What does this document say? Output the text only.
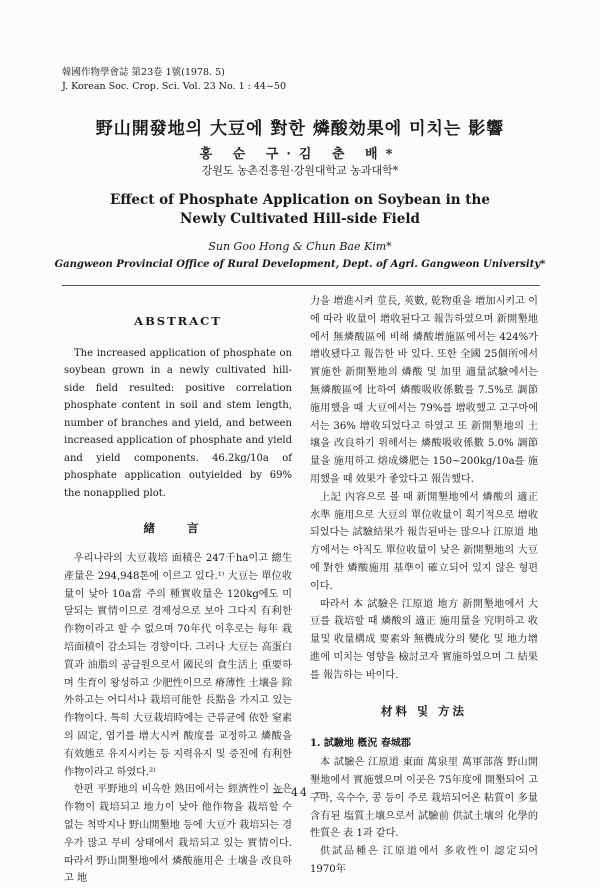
韓國作物學會誌 第23卷 1號(1978. 5)
J. Korean Soc. Crop. Sci. Vol. 23 No. 1 : 44~50
野山開發地의 大豆에 對한 燐酸効果에 미치는 影響
홍 순 구·김 춘 배*
강원도 농촌진흥원·강원대학교 농과대학*
Effect of Phosphate Application on Soybean in the Newly Cultivated Hill-side Field
Sun Goo Hong & Chun Bae Kim*
Gangweon Provincial Office of Rural Development, Dept. of Agri. Gangweon University*
ABSTRACT

The increased application of phosphate on soybean grown in a newly cultivated hill-side field resulted: positive correlation phosphate content in soil and stem length, number of branches and yield, and between increased application of phosphate and yield and yield components. 46.2kg/10a of phosphate application outyielded by 69% the nonapplied plot.

緖 言

우리나라의 大豆栽培 面積은 247千ha이고 總生產量은 294,948톤에 이르고 있다.¹⁾ 大豆는 單位收量이 낮아 10a當 주의 種實收量은 120kg에도 미달되는 實情이므로 경제성으로 보아 그다지 有利한 作物이라고 할 수 없으며 70年代 이후로는 每年 栽培面積이 감소되는 경향이다. 그러나 大豆는 高蛋白質과 油脂의 공급원으로서 國民의 食生活上 重要하며 生育이 왕성하고 少肥性이므로 瘠薄性 土壤을 除外하고는 어디서나 栽培可能한 長點을 가지고 있는 作物이다. 특히 大豆栽培時에는 근류균에 依한 窒素의 固定, 엽기를 增大시켜 酸度를 교정하고 燐酸을 有效態로 유지시키는 등 지력유지 및 증진에 有利한 作物이라고 하였다.²⁾

한편 平野地의 비옥한 熟田에서는 經濟性이 높은 作物이 栽培되고 地力이 낮아 他作物을 栽培할 수 없는 척박지나 野山開墾地 등에 大豆가 栽培되는 경우가 많고 무비 상태에서 栽培되고 있는 實情이다. 따라서 野山開墾地에서 燐酸施用은 土壤을 改良하고 地

力을 增進시켜 莖長, 莢數, 乾物重을 增加시키고 이에 따라 收量이 增收된다고 報告하였으며 新開墾地에서 無燐酸區에 비해 燐酸增施區에서는 424%가 增收됐다고 報告한 바 있다. 또한 全國 25個所에서 實施한 新開墾地의 燐酸 및 加里 適量試驗에서는 無燐酸區에 比하여 燐酸吸收係數를 7.5%로 調節 施用했을 때 大豆에서는 79%를 增收했고 고구마에서는 36% 增收되었다고 하였고 또 新開墾地의 土壤을 改良하기 위해서는 燐酸吸收係數 5.0% 調節量을 施用하고 熔成燐肥는 150~200kg/10a를 施用했을 때 效果가 좋았다고 報告했다.

上記 內容으로 볼 때 新開墾地에서 燐酸의 適正水準 施用으로 大豆의 單位收量이 획기적으로 增收되었다는 試驗結果가 報告된바는 많으나 江原道 地方에서는 아직도 單位收量이 낮은 新開墾地의 大豆에 對한 燐酸施用 基準이 確立되어 있지 않은 형편이다.

따라서 本 試驗은 江原道 地方 新開墾地에서 大豆를 栽培할 때 燐酸의 適正 施用量을 究明하고 收量및 收量構成 要素와 無機成分의 變化 및 地力增進에 미치는 영향을 檢討코자 實施하였으며 그 結果를 報告하는 바이다.

材料 및 方法
1. 試驗地 槪況 春城郡

本 試驗은 江原道 東面 萬泉里 萬軍部落 野山開墾地에서 實施했으며 이곳은 75年度에 開墾되어 고구마, 옥수수, 콩 등이 주로 栽培되어온 粘質이 多量含有된 塩質土壤으로서 試驗前 供試土壤의 化學的性質은 表 1과 같다.

供試品種은 江原道에서 多收性이 認定되어 1970年

— 44 —
